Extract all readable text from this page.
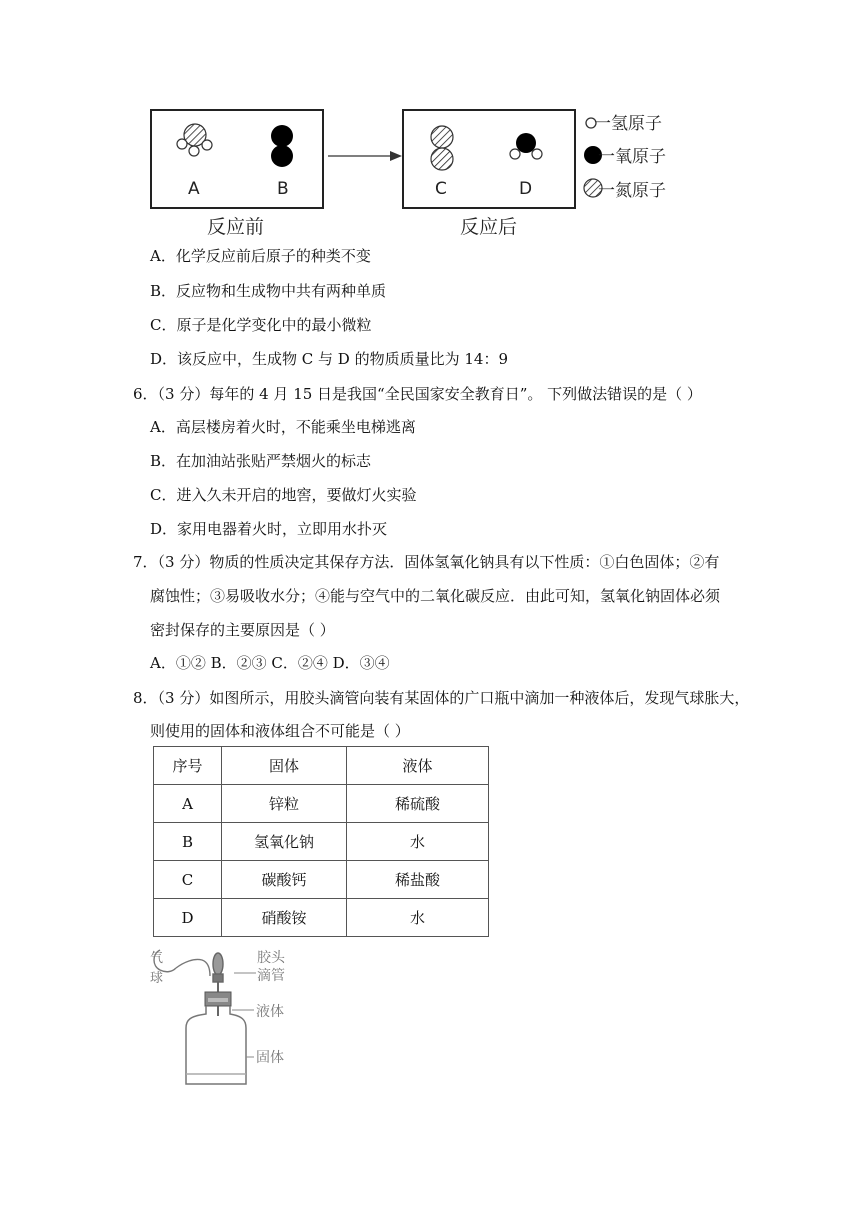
A	B	C	D
反应前	反应后
一 氢原子
一 氧原子
一 氮原子
A．化学反应前后原子的种类不变
B．反应物和生成物中共有两种单质
C．原子是化学变化中的最小微粒
D．该反应中，生成物 C 与 D 的物质质量比为 14：9
6．（3 分）每年的 4 月 15 日是我国“全民国家安全教育日”。 下列做法错误的是（ ）
A．高层楼房着火时，不能乘坐电梯逃离
B．在加油站张贴严禁烟火的标志
C．进入久未开启的地窖，要做灯火实验
D．家用电器着火时，立即用水扑灭
7．（3 分）物质的性质决定其保存方法．固体氢氧化钠具有以下性质：①白色固体；②有
腐蚀性；③易吸收水分；④能与空气中的二氧化碳反应．由此可知，氢氧化钠固体必须
密封保存的主要原因是（ ）
A．①② B．②③ C．②④ D．③④
8．（3 分）如图所示，用胶头滴管向装有某固体的广口瓶中滴加一种液体后，发现气球胀大，
则使用的固体和液体组合不可能是（ ）
序号	固体	液体
A	锌粒	稀硫酸
B	氢氧化钠	水
C	碳酸钙	稀盐酸
D	硝酸铵	水
气
球
胶头
滴管
液体
固体
